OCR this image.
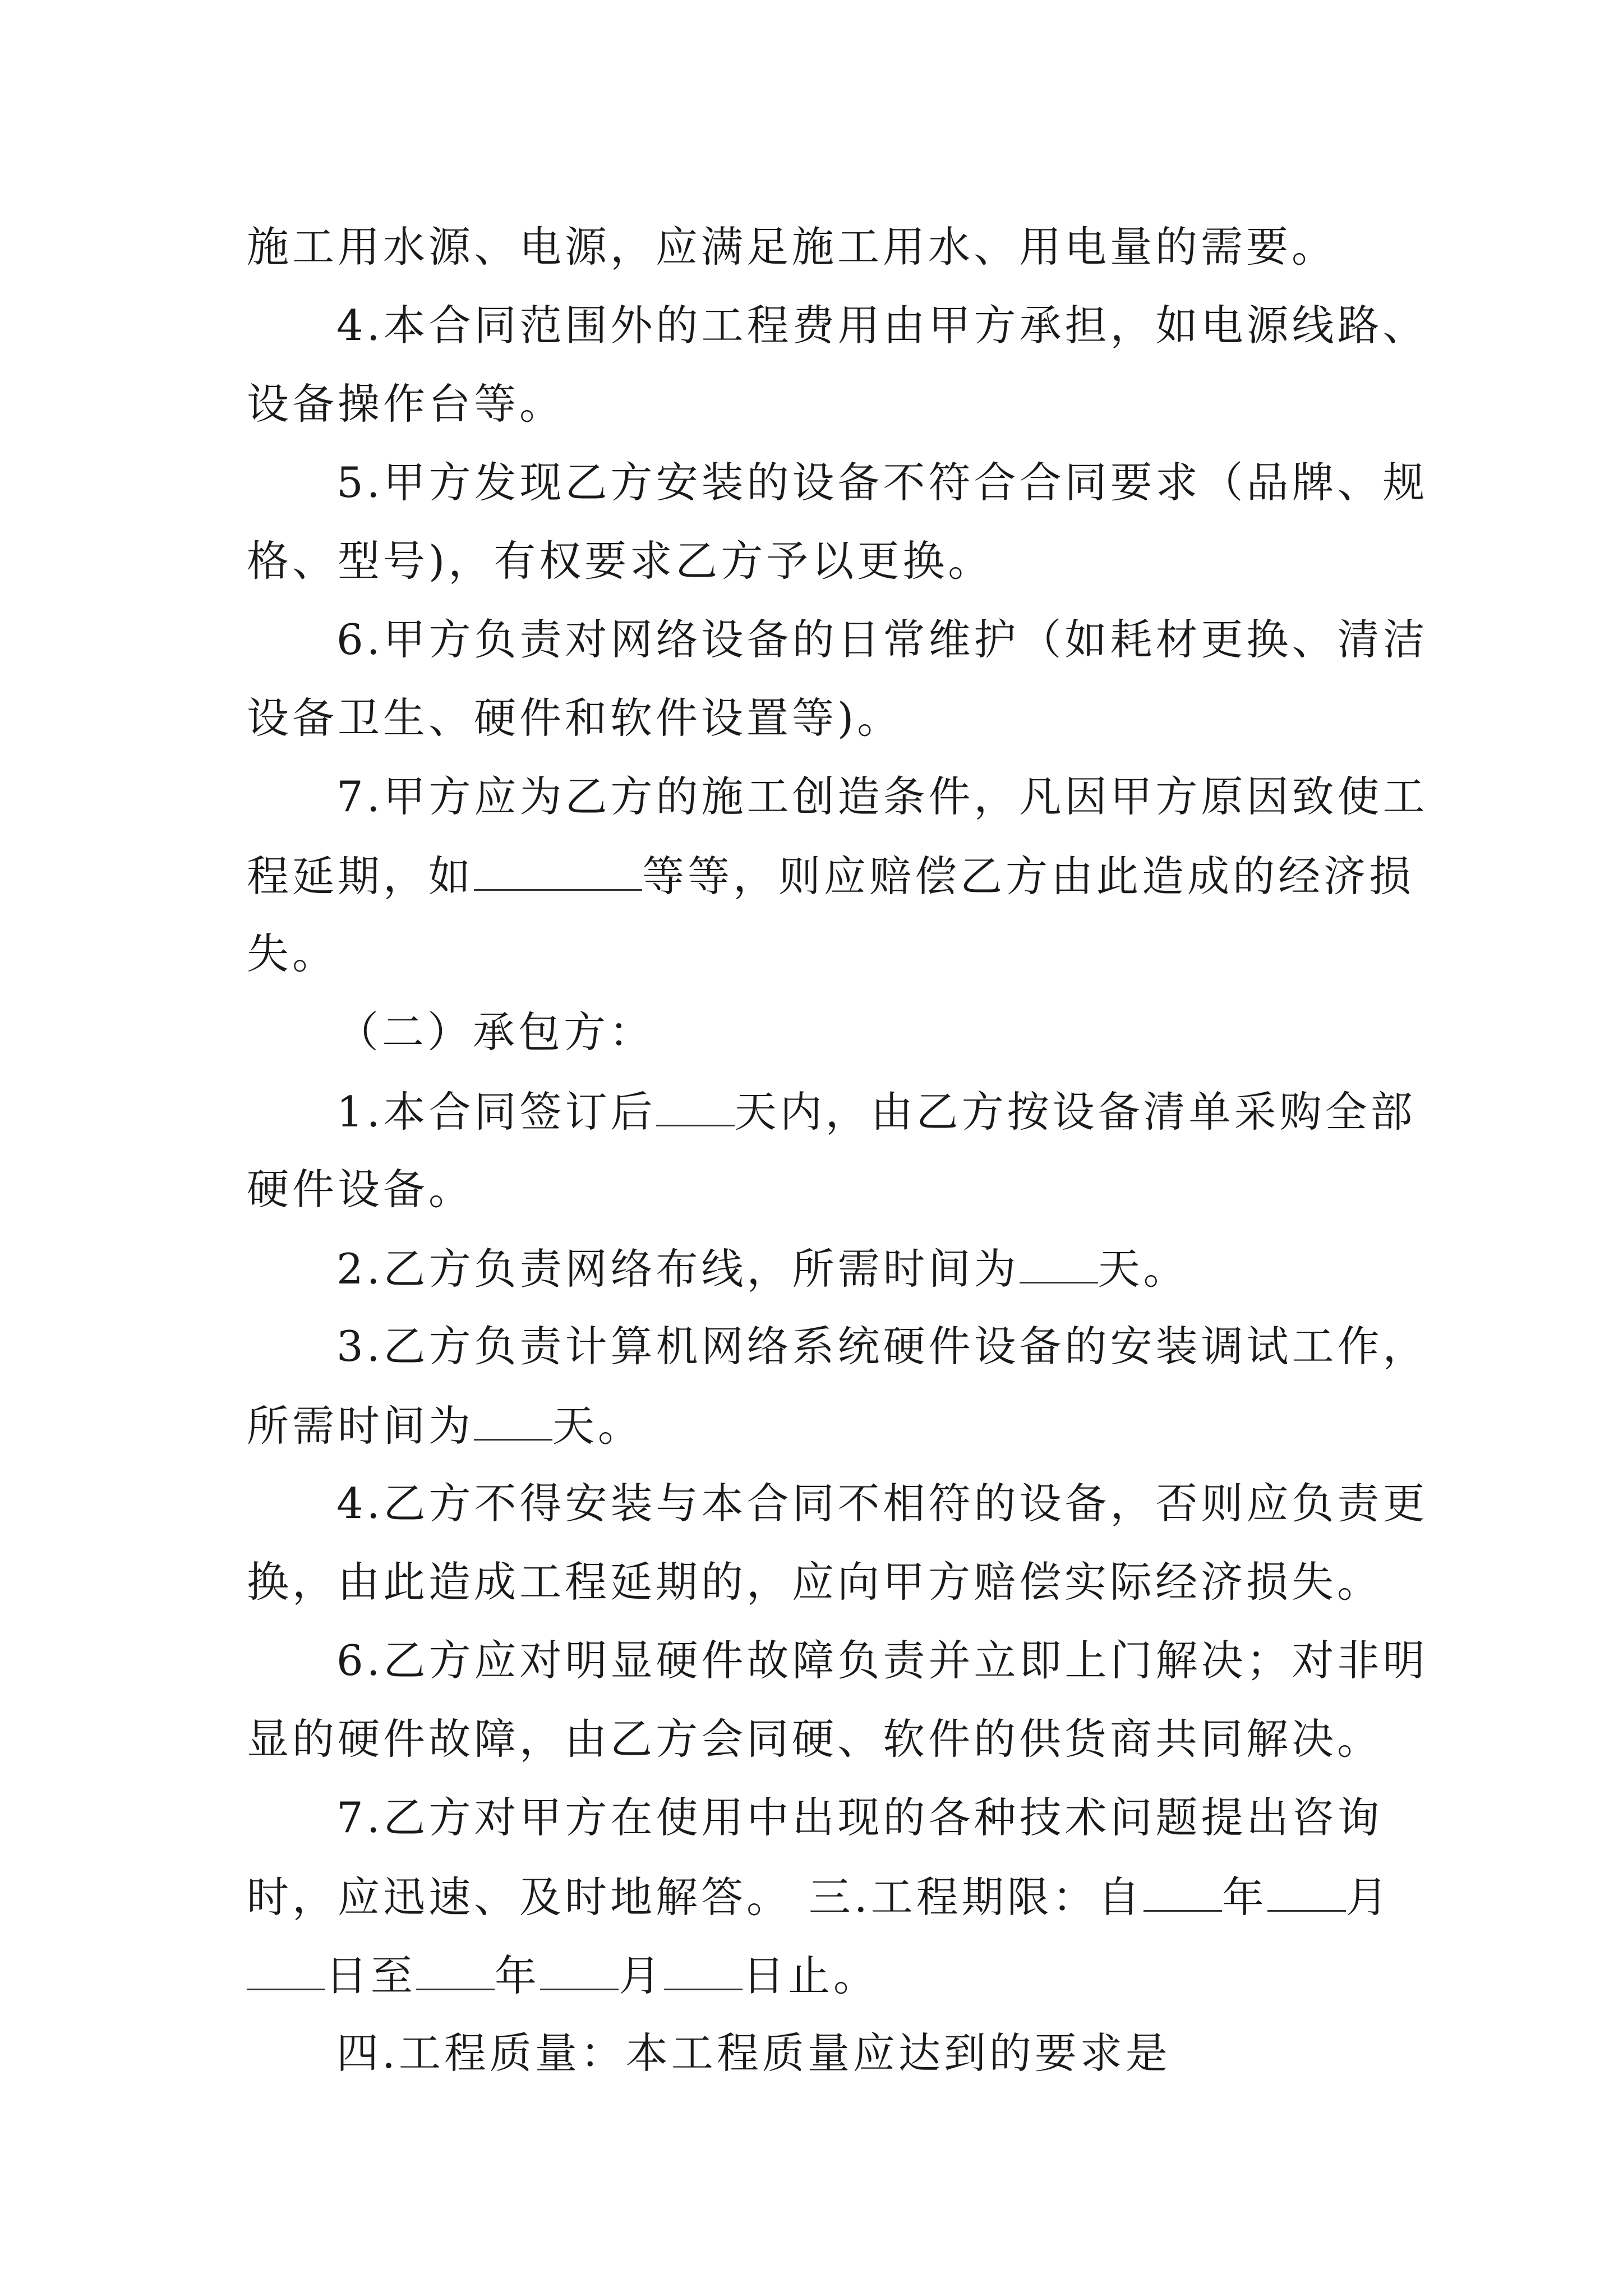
施工用水源、电源，应满足施工用水、用电量的需要。
4.本合同范围外的工程费用由甲方承担，如电源线路、
设备操作台等。
5.甲方发现乙方安装的设备不符合合同要求（品牌、规
格、型号)，有权要求乙方予以更换。
6.甲方负责对网络设备的日常维护（如耗材更换、清洁
设备卫生、硬件和软件设置等)。
7.甲方应为乙方的施工创造条件，凡因甲方原因致使工
程延期，如	等等，则应赔偿乙方由此造成的经济损
失。
（二）承包方：
1.本合同签订后 天内，由乙方按设备清单采购全部
硬件设备。
2.乙方负责网络布线，所需时间为 天。
3.乙方负责计算机网络系统硬件设备的安装调试工作，
所需时间为 天。
4.乙方不得安装与本合同不相符的设备，否则应负责更
换，由此造成工程延期的，应向甲方赔偿实际经济损失。
6.乙方应对明显硬件故障负责并立即上门解决；对非明
显的硬件故障，由乙方会同硬、软件的供货商共同解决。
7.乙方对甲方在使用中出现的各种技术问题提出咨询
时，应迅速、及时地解答。 三.工程期限：自 年 月
日至 年 月 日止。
四.工程质量：本工程质量应达到的要求是
